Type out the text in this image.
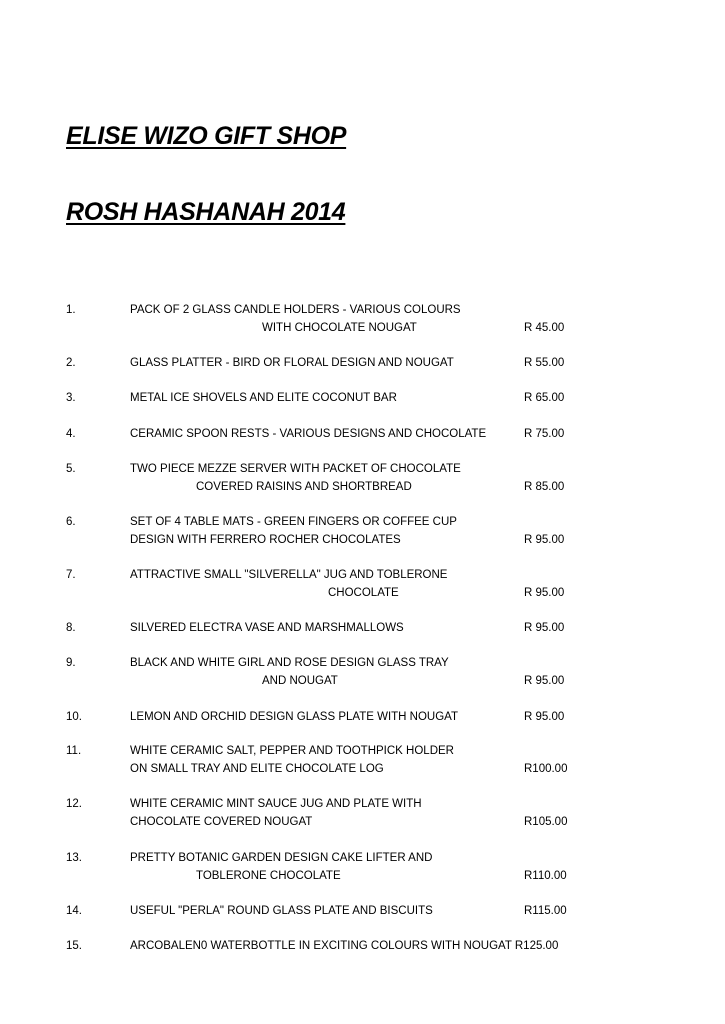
ELISE WIZO GIFT SHOP
ROSH HASHANAH 2014
1.	PACK OF 2 GLASS CANDLE HOLDERS - VARIOUS COLOURS
WITH CHOCOLATE NOUGAT	R 45.00
2.	GLASS PLATTER - BIRD OR FLORAL DESIGN AND NOUGAT	R 55.00
3.	METAL ICE SHOVELS AND ELITE COCONUT BAR	R 65.00
4.	CERAMIC SPOON RESTS - VARIOUS DESIGNS AND CHOCOLATE	R 75.00
5.	TWO PIECE MEZZE SERVER WITH PACKET OF CHOCOLATE
COVERED RAISINS AND SHORTBREAD	R 85.00
6.	SET OF 4 TABLE MATS - GREEN FINGERS OR COFFEE CUP
DESIGN WITH FERRERO ROCHER CHOCOLATES	R 95.00
7.	ATTRACTIVE SMALL "SILVERELLA" JUG AND TOBLERONE
CHOCOLATE	R 95.00
8.	SILVERED ELECTRA VASE AND MARSHMALLOWS	R 95.00
9.	BLACK AND WHITE GIRL AND ROSE DESIGN GLASS TRAY
AND NOUGAT	R 95.00
10.	LEMON AND ORCHID DESIGN GLASS PLATE WITH NOUGAT	R 95.00
11.	WHITE CERAMIC SALT, PEPPER AND TOOTHPICK HOLDER
ON SMALL TRAY AND ELITE CHOCOLATE LOG	R100.00
12.	WHITE CERAMIC MINT SAUCE JUG AND PLATE WITH
CHOCOLATE COVERED NOUGAT	R105.00
13.	PRETTY BOTANIC GARDEN DESIGN CAKE LIFTER AND
TOBLERONE CHOCOLATE	R110.00
14.	USEFUL "PERLA" ROUND GLASS PLATE AND BISCUITS	R115.00
15.	ARCOBALEN0 WATERBOTTLE IN EXCITING COLOURS WITH NOUGAT R125.00
